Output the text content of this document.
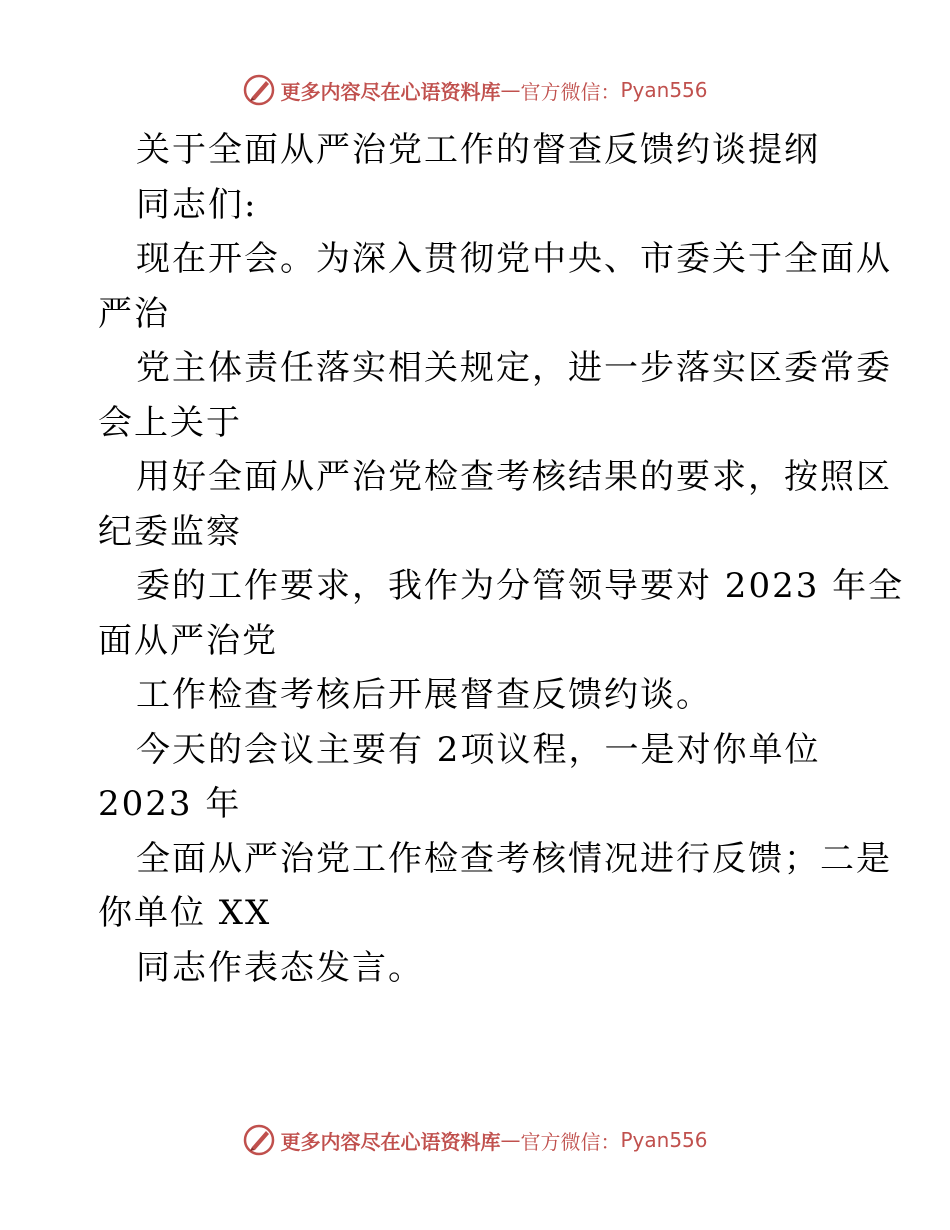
更多内容尽在心语资料库 — 官方微信： Pyan556
关于全面从严治党工作的督查反馈约谈提纲
同志们:
现在开会。为深入贯彻党中央、市委关于全面从
严治
党主体责任落实相关规定，进一步落实区委常委
会上关于
用好全面从严治党检查考核结果的要求，按照区
纪委监察
委的工作要求，我作为分管领导要对 2023 年全
面从严治党
工作检查考核后开展督查反馈约谈。
今天的会议主要有 2项议程，一是对你单位
2023 年
全面从严治党工作检查考核情况进行反馈；二是
你单位 XX
同志作表态发言。
更多内容尽在心语资料库 — 官方微信： Pyan556
